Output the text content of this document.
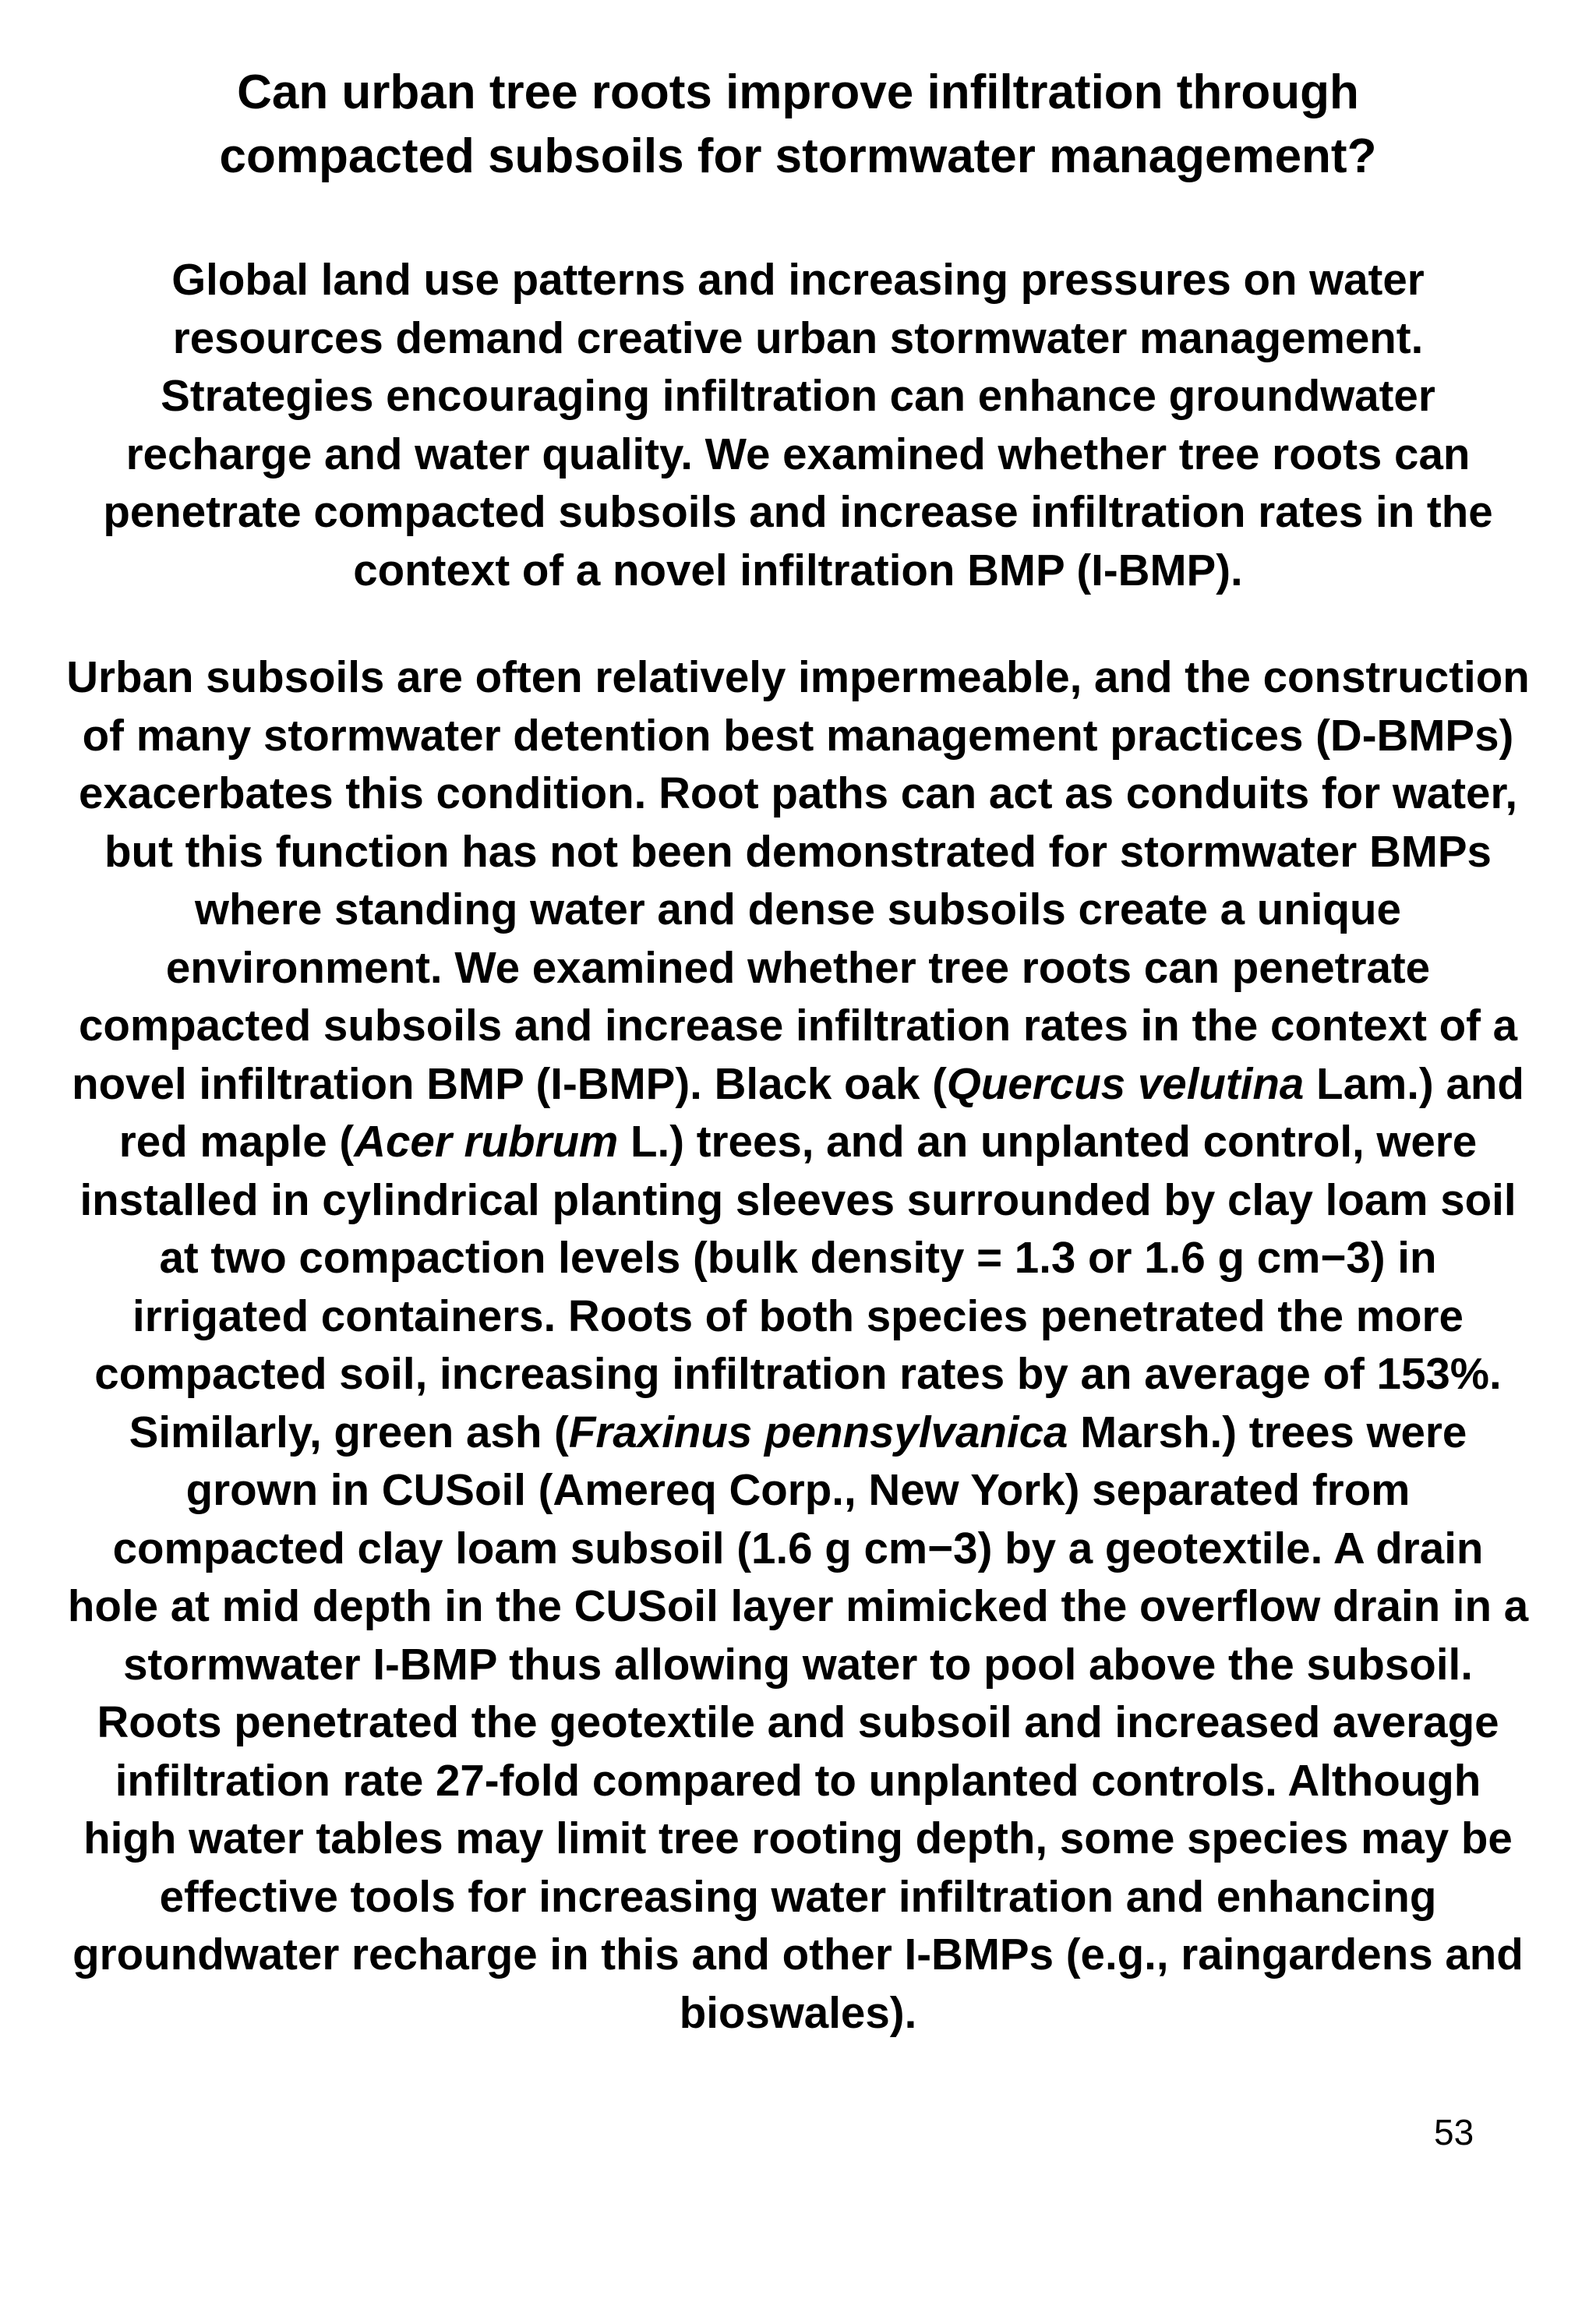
Can urban tree roots improve infiltration through compacted subsoils for stormwater management?

Global land use patterns and increasing pressures on water resources demand creative urban stormwater management. Strategies encouraging infiltration can enhance groundwater recharge and water quality. We examined whether tree roots can penetrate compacted subsoils and increase infiltration rates in the context of a novel infiltration BMP (I-BMP).

Urban subsoils are often relatively impermeable, and the construction of many stormwater detention best management practices (D-BMPs) exacerbates this condition. Root paths can act as conduits for water, but this function has not been demonstrated for stormwater BMPs where standing water and dense subsoils create a unique environment. We examined whether tree roots can penetrate compacted subsoils and increase infiltration rates in the context of a novel infiltration BMP (I-BMP). Black oak (Quercus velutina Lam.) and red maple (Acer rubrum L.) trees, and an unplanted control, were installed in cylindrical planting sleeves surrounded by clay loam soil at two compaction levels (bulk density = 1.3 or 1.6 g cm−3) in irrigated containers. Roots of both species penetrated the more compacted soil, increasing infiltration rates by an average of 153%.
Similarly, green ash (Fraxinus pennsylvanica Marsh.) trees were grown in CUSoil (Amereq Corp., New York) separated from compacted clay loam subsoil (1.6 g cm−3) by a geotextile. A drain hole at mid depth in the CUSoil layer mimicked the overflow drain in a stormwater I-BMP thus allowing water to pool above the subsoil.
Roots penetrated the geotextile and subsoil and increased average infiltration rate 27-fold compared to unplanted controls. Although high water tables may limit tree rooting depth, some species may be effective tools for increasing water infiltration and enhancing groundwater recharge in this and other I-BMPs (e.g., raingardens and bioswales).

53
